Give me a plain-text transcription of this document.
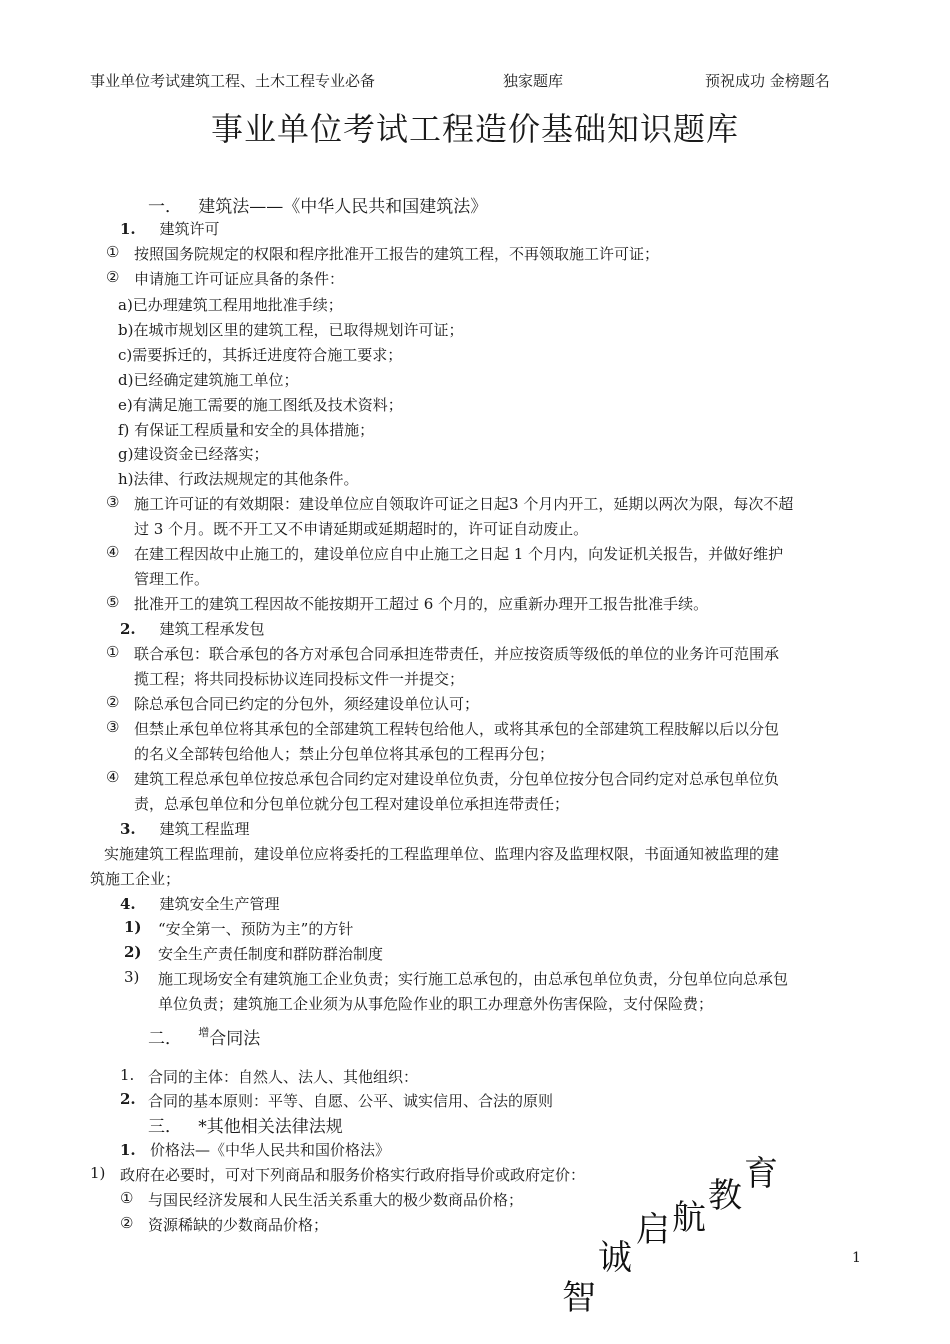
事业单位考试建筑工程、土木工程专业必备	独家题库	预祝成功 金榜题名
事业单位考试工程造价基础知识题库
一． 建筑法——《中华人民共和国建筑法》
1. 建筑许可
① 按照国务院规定的权限和程序批准开工报告的建筑工程，不再领取施工许可证；
② 申请施工许可证应具备的条件：
a)已办理建筑工程用地批准手续；
b)在城市规划区里的建筑工程，已取得规划许可证；
c)需要拆迁的，其拆迁进度符合施工要求；
d)已经确定建筑施工单位；
e)有满足施工需要的施工图纸及技术资料；
f) 有保证工程质量和安全的具体措施；
g)建设资金已经落实；
h)法律、行政法规规定的其他条件。
③ 施工许可证的有效期限：建设单位应自领取许可证之日起3 个月内开工，延期以两次为限，每次不超
过 3 个月。既不开工又不申请延期或延期超时的，许可证自动废止。
④ 在建工程因故中止施工的，建设单位应自中止施工之日起 1 个月内，向发证机关报告，并做好维护
管理工作。
⑤ 批准开工的建筑工程因故不能按期开工超过 6 个月的，应重新办理开工报告批准手续。
2. 建筑工程承发包
① 联合承包：联合承包的各方对承包合同承担连带责任，并应按资质等级低的单位的业务许可范围承
揽工程；将共同投标协议连同投标文件一并提交；
② 除总承包合同已约定的分包外，须经建设单位认可；
③ 但禁止承包单位将其承包的全部建筑工程转包给他人，或将其承包的全部建筑工程肢解以后以分包
的名义全部转包给他人；禁止分包单位将其承包的工程再分包；
④ 建筑工程总承包单位按总承包合同约定对建设单位负责，分包单位按分包合同约定对总承包单位负
责，总承包单位和分包单位就分包工程对建设单位承担连带责任；
3. 建筑工程监理
实施建筑工程监理前，建设单位应将委托的工程监理单位、监理内容及监理权限，书面通知被监理的建
筑施工企业；
4. 建筑安全生产管理
1) “安全第一、预防为主”的方针
2) 安全生产责任制度和群防群治制度
3) 施工现场安全有建筑施工企业负责；实行施工总承包的，由总承包单位负责，分包单位向总承包
单位负责；建筑施工企业须为从事危险作业的职工办理意外伤害保险，支付保险费；
二． $^增$合同法
1. 合同的主体：自然人、法人、其他组织：
2. 合同的基本原则：平等、自愿、公平、诚实信用、合法的原则
三． *其他相关法律法规
1. 价格法—《中华人民共和国价格法》
1) 政府在必要时，可对下列商品和服务价格实行政府指导价或政府定价：
① 与国民经济发展和人民生活关系重大的极少数商品价格；
② 资源稀缺的少数商品价格；
智
诚
启 航
教
育
1
